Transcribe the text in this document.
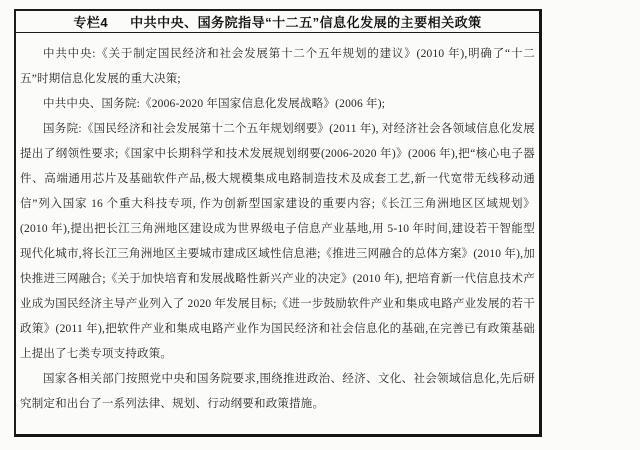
专栏4 中共中央、国务院指导“十二五”信息化发展的主要相关政策

中共中央:《关于制定国民经济和社会发展第十二个五年规划的建议》(2010 年),明确了“十二五”时期信息化发展的重大决策;

中共中央、国务院:《2006-2020 年国家信息化发展战略》(2006 年);

国务院:《国民经济和社会发展第十二个五年规划纲要》(2011 年), 对经济社会各领域信息化发展提出了纲领性要求;《国家中长期科学和技术发展规划纲要(2006-2020 年)》(2006 年),把“核心电子器件、高端通用芯片及基础软件产品,极大规模集成电路制造技术及成套工艺,新一代宽带无线移动通信”列入国家 16 个重大科技专项, 作为创新型国家建设的重要内容;《长江三角洲地区区域规划》(2010 年),提出把长江三角洲地区建设成为世界级电子信息产业基地,用 5-10 年时间,建设若干智能型现代化城市,将长江三角洲地区主要城市建成区域性信息港;《推进三网融合的总体方案》(2010 年),加快推进三网融合;《关于加快培育和发展战略性新兴产业的决定》(2010 年), 把培育新一代信息技术产业成为国民经济主导产业列入了 2020 年发展目标;《进一步鼓励软件产业和集成电路产业发展的若干政策》(2011 年),把软件产业和集成电路产业作为国民经济和社会信息化的基础,在完善已有政策基础上提出了七类专项支持政策。

国家各相关部门按照党中央和国务院要求,围绕推进政治、经济、文化、社会领域信息化,先后研究制定和出台了一系列法律、规划、行动纲要和政策措施。
